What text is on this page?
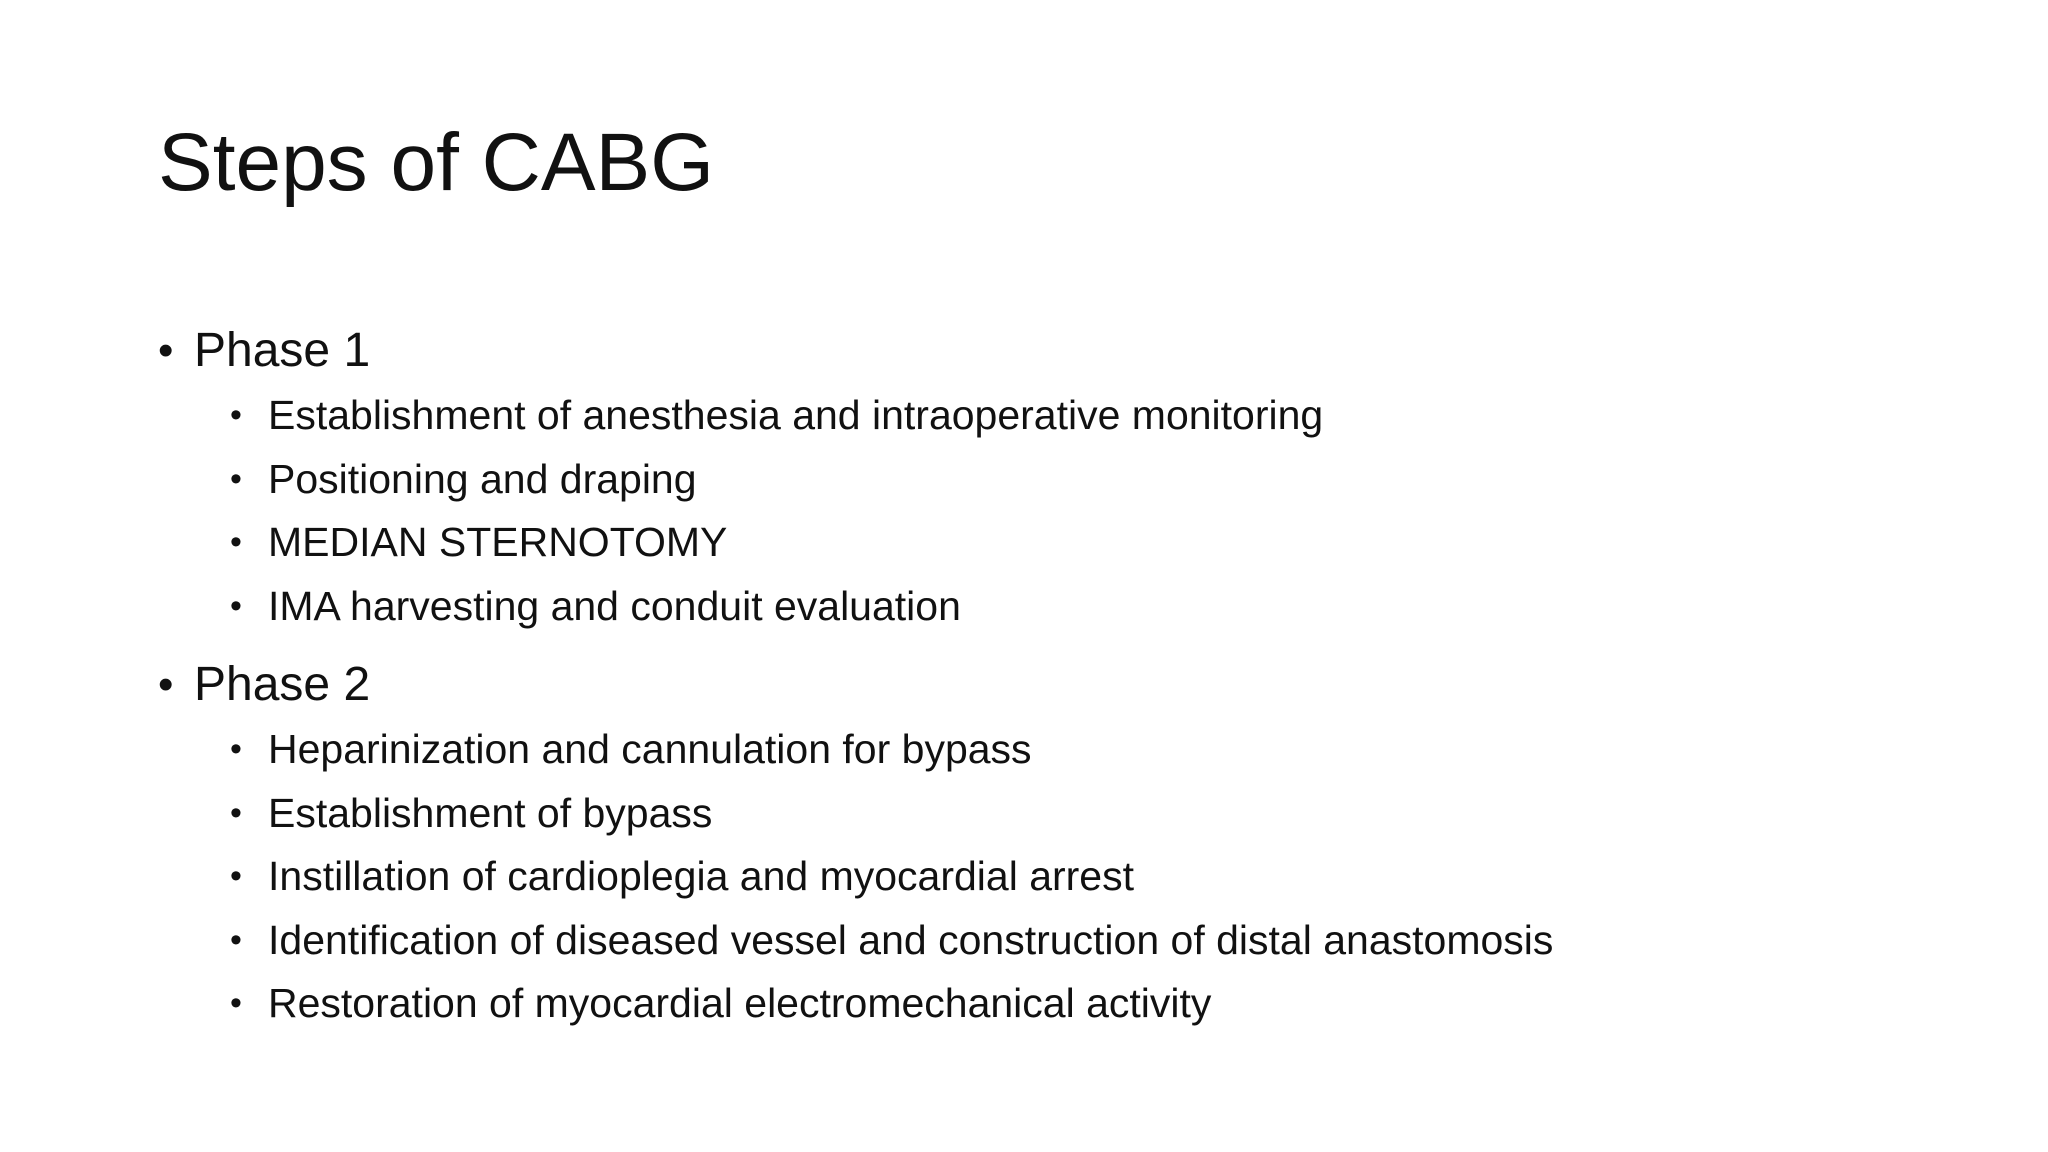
Steps of CABG
• Phase 1
• Establishment of anesthesia and intraoperative monitoring
• Positioning and draping
• MEDIAN STERNOTOMY
• IMA harvesting and conduit evaluation
• Phase 2
• Heparinization and cannulation for bypass
• Establishment of bypass
• Instillation of cardioplegia and myocardial arrest
• Identification of diseased vessel and construction of distal anastomosis
• Restoration of myocardial electromechanical activity
